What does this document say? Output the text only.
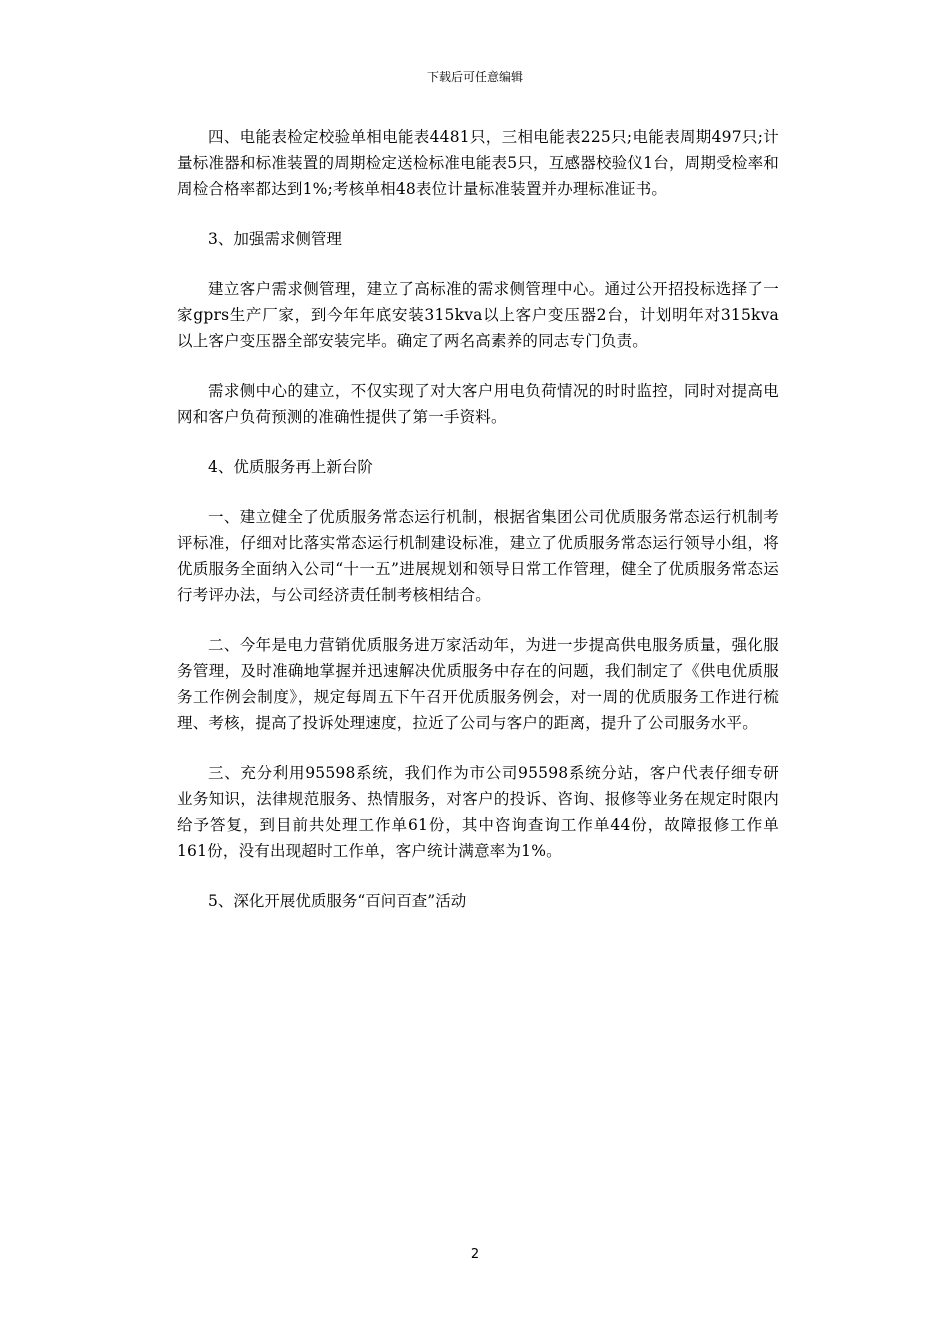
下载后可任意编辑

四、电能表检定校验单相电能表4481只，三相电能表225只;电能表周期497只;计量标准器和标准装置的周期检定送检标准电能表5只，互感器校验仪1台，周期受检率和周检合格率都达到1%;考核单相48表位计量标准装置并办理标准证书。

3、加强需求侧管理

建立客户需求侧管理，建立了高标准的需求侧管理中心。通过公开招投标选择了一家gprs生产厂家，到今年年底安装315kva以上客户变压器2台，计划明年对315kva以上客户变压器全部安装完毕。确定了两名高素养的同志专门负责。

需求侧中心的建立，不仅实现了对大客户用电负荷情况的时时监控，同时对提高电网和客户负荷预测的准确性提供了第一手资料。

4、优质服务再上新台阶

一、建立健全了优质服务常态运行机制，根据省集团公司优质服务常态运行机制考评标准，仔细对比落实常态运行机制建设标准，建立了优质服务常态运行领导小组，将优质服务全面纳入公司“十一五”进展规划和领导日常工作管理，健全了优质服务常态运行考评办法，与公司经济责任制考核相结合。

二、今年是电力营销优质服务进万家活动年，为进一步提高供电服务质量，强化服务管理，及时准确地掌握并迅速解决优质服务中存在的问题，我们制定了《供电优质服务工作例会制度》，规定每周五下午召开优质服务例会，对一周的优质服务工作进行梳理、考核，提高了投诉处理速度，拉近了公司与客户的距离，提升了公司服务水平。

三、充分利用95598系统，我们作为市公司95598系统分站，客户代表仔细专研业务知识，法律规范服务、热情服务，对客户的投诉、咨询、报修等业务在规定时限内给予答复，到目前共处理工作单61份，其中咨询查询工作单44份，故障报修工作单161份，没有出现超时工作单，客户统计满意率为1%。

5、深化开展优质服务“百问百查”活动

2
